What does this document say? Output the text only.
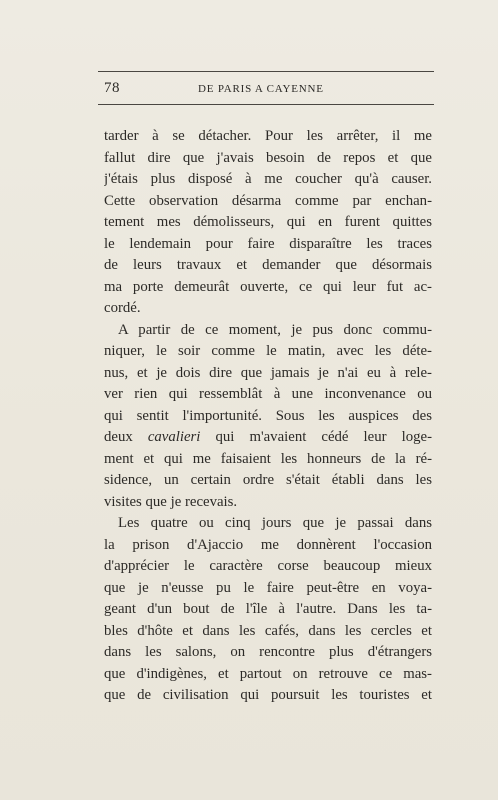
78	DE PARIS A CAYENNE
tarder à se détacher. Pour les arrêter, il me
fallut dire que j'avais besoin de repos et que
j'étais plus disposé à me coucher qu'à causer.
Cette observation désarma comme par enchan-
tement mes démolisseurs, qui en furent quittes
le lendemain pour faire disparaître les traces
de leurs travaux et demander que désormais
ma porte demeurât ouverte, ce qui leur fut ac-
cordé.
A partir de ce moment, je pus donc commu-
niquer, le soir comme le matin, avec les déte-
nus, et je dois dire que jamais je n'ai eu à rele-
ver rien qui ressemblât à une inconvenance ou
qui sentit l'importunité. Sous les auspices des
deux cavalieri qui m'avaient cédé leur loge-
ment et qui me faisaient les honneurs de la ré-
sidence, un certain ordre s'était établi dans les
visites que je recevais.
Les quatre ou cinq jours que je passai dans
la prison d'Ajaccio me donnèrent l'occasion
d'apprécier le caractère corse beaucoup mieux
que je n'eusse pu le faire peut-être en voya-
geant d'un bout de l'île à l'autre. Dans les ta-
bles d'hôte et dans les cafés, dans les cercles et
dans les salons, on rencontre plus d'étrangers
que d'indigènes, et partout on retrouve ce mas-
que de civilisation qui poursuit les touristes et
